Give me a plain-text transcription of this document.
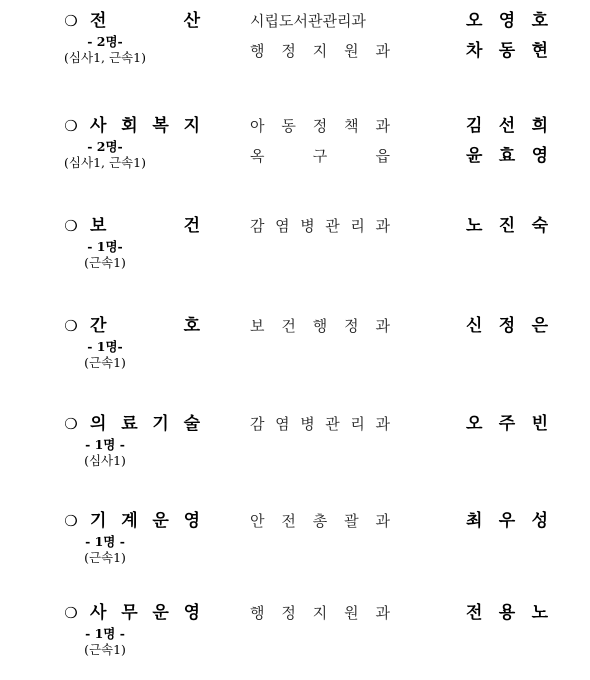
❍ 전	산
- 2명-
(심사1, 근속1)
시립도서관관리과	오 영 호
행 정 지 원 과	차 동 현
❍ 사 회 복 지
- 2명-
(심사1, 근속1)
아 동 정 책 과	김 선 희
옥	구	읍	윤 효 영
❍ 보	건
- 1명-
(근속1)
감 염 병 관 리 과	노 진 숙
❍ 간	호
- 1명-
(근속1)
보 건 행 정 과	신 정 은
❍ 의 료 기 술
- 1명 -
(심사1)
감 염 병 관 리 과	오 주 빈
❍ 기 계 운 영
- 1명 -
(근속1)
안 전 총 괄 과	최 우 성
❍ 사 무 운 영
- 1명 -
(근속1)
행 정 지 원 과	전 용 노
